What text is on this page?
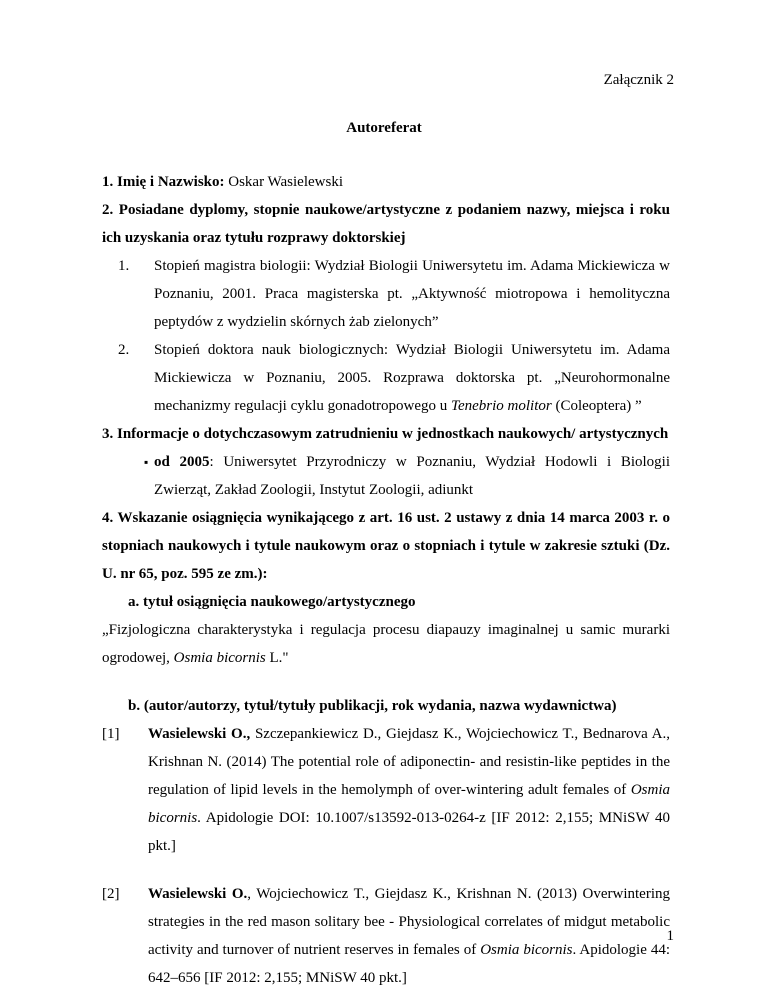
Załącznik 2
Autoreferat

1. Imię i Nazwisko: Oskar Wasielewski

2. Posiadane dyplomy, stopnie naukowe/artystyczne z podaniem nazwy, miejsca i roku ich uzyskania oraz tytułu rozprawy doktorskiej

1. Stopień magistra biologii: Wydział Biologii Uniwersytetu im. Adama Mickiewicza w Poznaniu, 2001. Praca magisterska pt. „Aktywność miotropowa i hemolityczna peptydów z wydzielin skórnych żab zielonych”

2. Stopień doktora nauk biologicznych: Wydział Biologii Uniwersytetu im. Adama Mickiewicza w Poznaniu, 2005. Rozprawa doktorska pt. „Neurohormonalne mechanizmy regulacji cyklu gonadotropowego u Tenebrio molitor (Coleoptera) ”

3. Informacje o dotychczasowym zatrudnieniu w jednostkach naukowych/ artystycznych

▪ od 2005: Uniwersytet Przyrodniczy w Poznaniu, Wydział Hodowli i Biologii Zwierząt, Zakład Zoologii, Instytut Zoologii, adiunkt

4. Wskazanie osiągnięcia wynikającego z art. 16 ust. 2 ustawy z dnia 14 marca 2003 r. o stopniach naukowych i tytule naukowym oraz o stopniach i tytule w zakresie sztuki (Dz. U. nr 65, poz. 595 ze zm.):

a. tytuł osiągnięcia naukowego/artystycznego

„Fizjologiczna charakterystyka i regulacja procesu diapauzy imaginalnej u samic murarki ogrodowej, Osmia bicornis L."

b. (autor/autorzy, tytuł/tytuły publikacji, rok wydania, nazwa wydawnictwa)

[1] Wasielewski O., Szczepankiewicz D., Giejdasz K., Wojciechowicz T., Bednarova A., Krishnan N. (2014) The potential role of adiponectin- and resistin-like peptides in the regulation of lipid levels in the hemolymph of over-wintering adult females of Osmia bicornis. Apidologie DOI: 10.1007/s13592-013-0264-z [IF 2012: 2,155; MNiSW 40 pkt.]

[2] Wasielewski O., Wojciechowicz T., Giejdasz K., Krishnan N. (2013) Overwintering strategies in the red mason solitary bee - Physiological correlates of midgut metabolic activity and turnover of nutrient reserves in females of Osmia bicornis. Apidologie 44: 642–656 [IF 2012: 2,155; MNiSW 40 pkt.]

1
